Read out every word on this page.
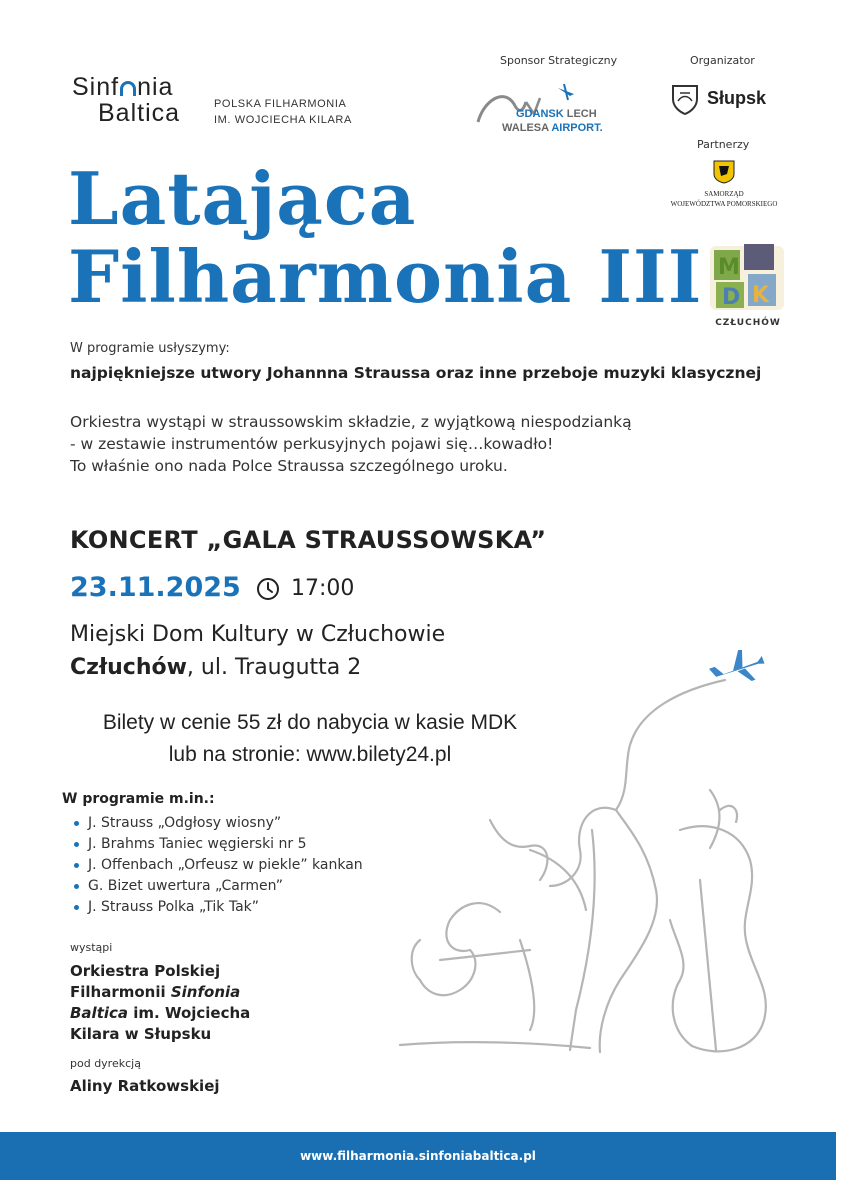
Sinf nia
Baltica	POLSKA FILHARMONIA
IM. WOJCIECHA KILARA
Sponsor Strategiczny
GDANSK LECH
WALESA AIRPORT.
Organizator
Słupsk
Partnerzy
SAMORZĄD
WOJEWÓDZTWA POMORSKIEGO
M
D K
CZŁUCHÓW
Latająca
Filharmonia III
W programie usłyszymy:
najpiękniejsze utwory Johannna Straussa oraz inne przeboje muzyki klasycznej
Orkiestra wystąpi w straussowskim składzie, z wyjątkową niespodzianką
- w zestawie instrumentów perkusyjnych pojawi się…kowadło!
To właśnie ono nada Polce Straussa szczególnego uroku.
KONCERT „GALA STRAUSSOWSKA”
23.11.2025 17:00
Miejski Dom Kultury w Człuchowie
Człuchów, ul. Traugutta 2
Bilety w cenie 55 zł do nabycia w kasie MDK
lub na stronie: www.bilety24.pl
W programie m.in.:
J. Strauss „Odgłosy wiosny”
J. Brahms Taniec węgierski nr 5
J. Offenbach „Orfeusz w piekle” kankan
G. Bizet uwertura „Carmen”
J. Strauss Polka „Tik Tak”
wystąpi
Orkiestra Polskiej
Filharmonii Sinfonia
Baltica im. Wojciecha
Kilara w Słupsku
pod dyrekcją
Aliny Ratkowskiej
www.filharmonia.sinfoniabaltica.pl
